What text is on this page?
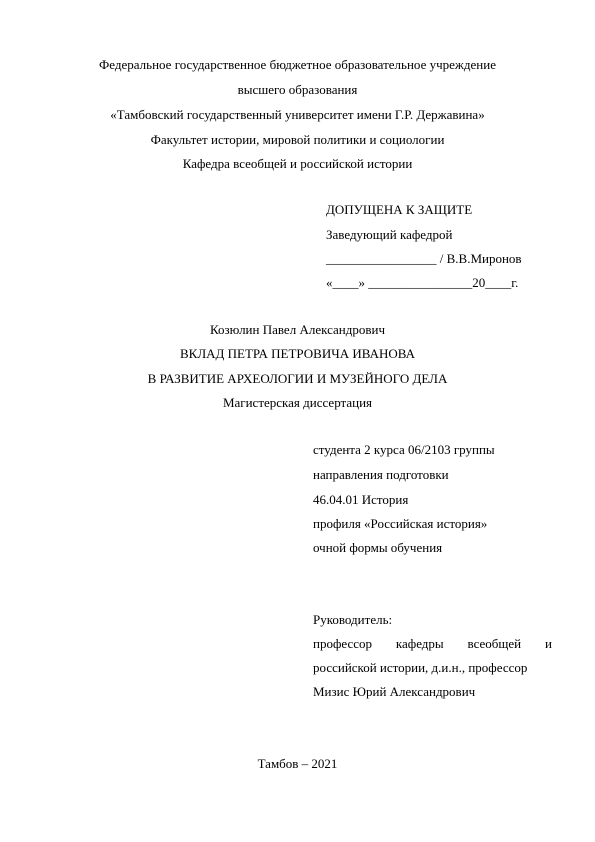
Федеральное государственное бюджетное образовательное учреждение
высшего образования
«Тамбовский государственный университет имени Г.Р. Державина»
Факультет истории, мировой политики и социологии
Кафедра всеобщей и российской истории
ДОПУЩЕНА К ЗАЩИТЕ
Заведующий кафедрой
_________________ / В.В.Миронов
«____» ________________20____г.
Козюлин Павел Александрович
ВКЛАД ПЕТРА ПЕТРОВИЧА ИВАНОВА
В РАЗВИТИЕ АРХЕОЛОГИИ И МУЗЕЙНОГО ДЕЛА
Магистерская диссертация
студента 2 курса 06/2103 группы
направления подготовки
46.04.01 История
профиля «Российская история»
очной формы обучения
Руководитель:
профессор кафедры всеобщей и
российской истории, д.и.н., профессор
Мизис Юрий Александрович
Тамбов – 2021
